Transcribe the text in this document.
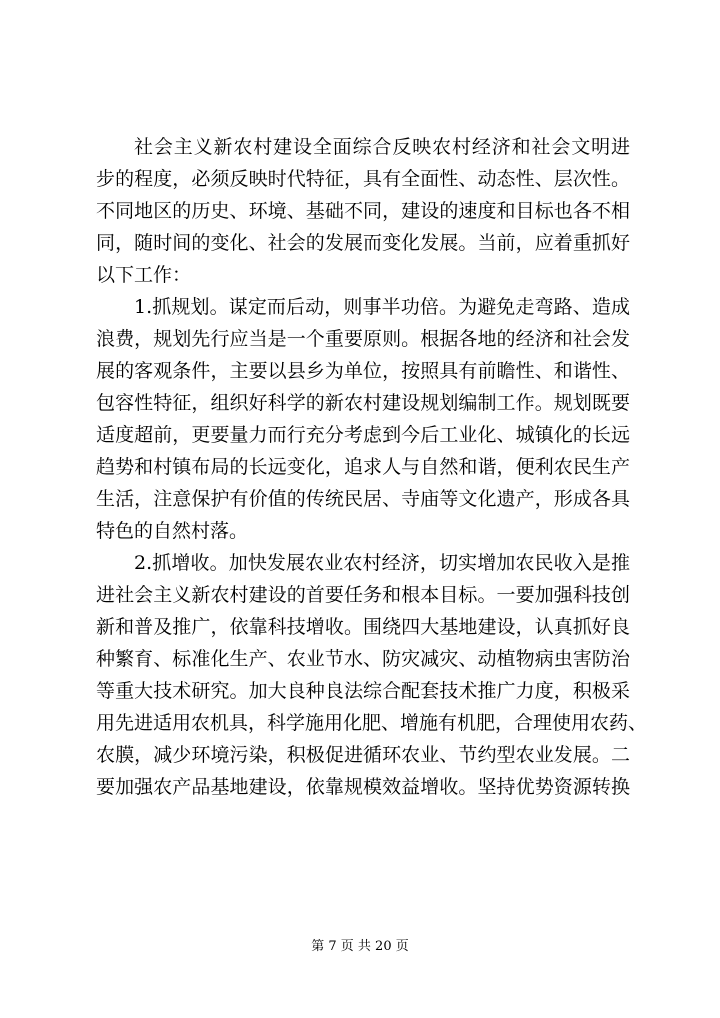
社会主义新农村建设全面综合反映农村经济和社会文明进
步的程度，必须反映时代特征，具有全面性、动态性、层次性。
不同地区的历史、环境、基础不同，建设的速度和目标也各不相
同，随时间的变化、社会的发展而变化发展。当前，应着重抓好
以下工作：
1.抓规划。谋定而后动，则事半功倍。为避免走弯路、造成
浪费，规划先行应当是一个重要原则。根据各地的经济和社会发
展的客观条件，主要以县乡为单位，按照具有前瞻性、和谐性、
包容性特征，组织好科学的新农村建设规划编制工作。规划既要
适度超前，更要量力而行充分考虑到今后工业化、城镇化的长远
趋势和村镇布局的长远变化，追求人与自然和谐，便利农民生产
生活，注意保护有价值的传统民居、寺庙等文化遗产，形成各具
特色的自然村落。
2.抓增收。加快发展农业农村经济，切实增加农民收入是推
进社会主义新农村建设的首要任务和根本目标。一要加强科技创
新和普及推广，依靠科技增收。围绕四大基地建设，认真抓好良
种繁育、标准化生产、农业节水、防灾减灾、动植物病虫害防治
等重大技术研究。加大良种良法综合配套技术推广力度，积极采
用先进适用农机具，科学施用化肥、增施有机肥，合理使用农药、
农膜，减少环境污染，积极促进循环农业、节约型农业发展。二
要加强农产品基地建设，依靠规模效益增收。坚持优势资源转换
第 7 页 共 20 页
